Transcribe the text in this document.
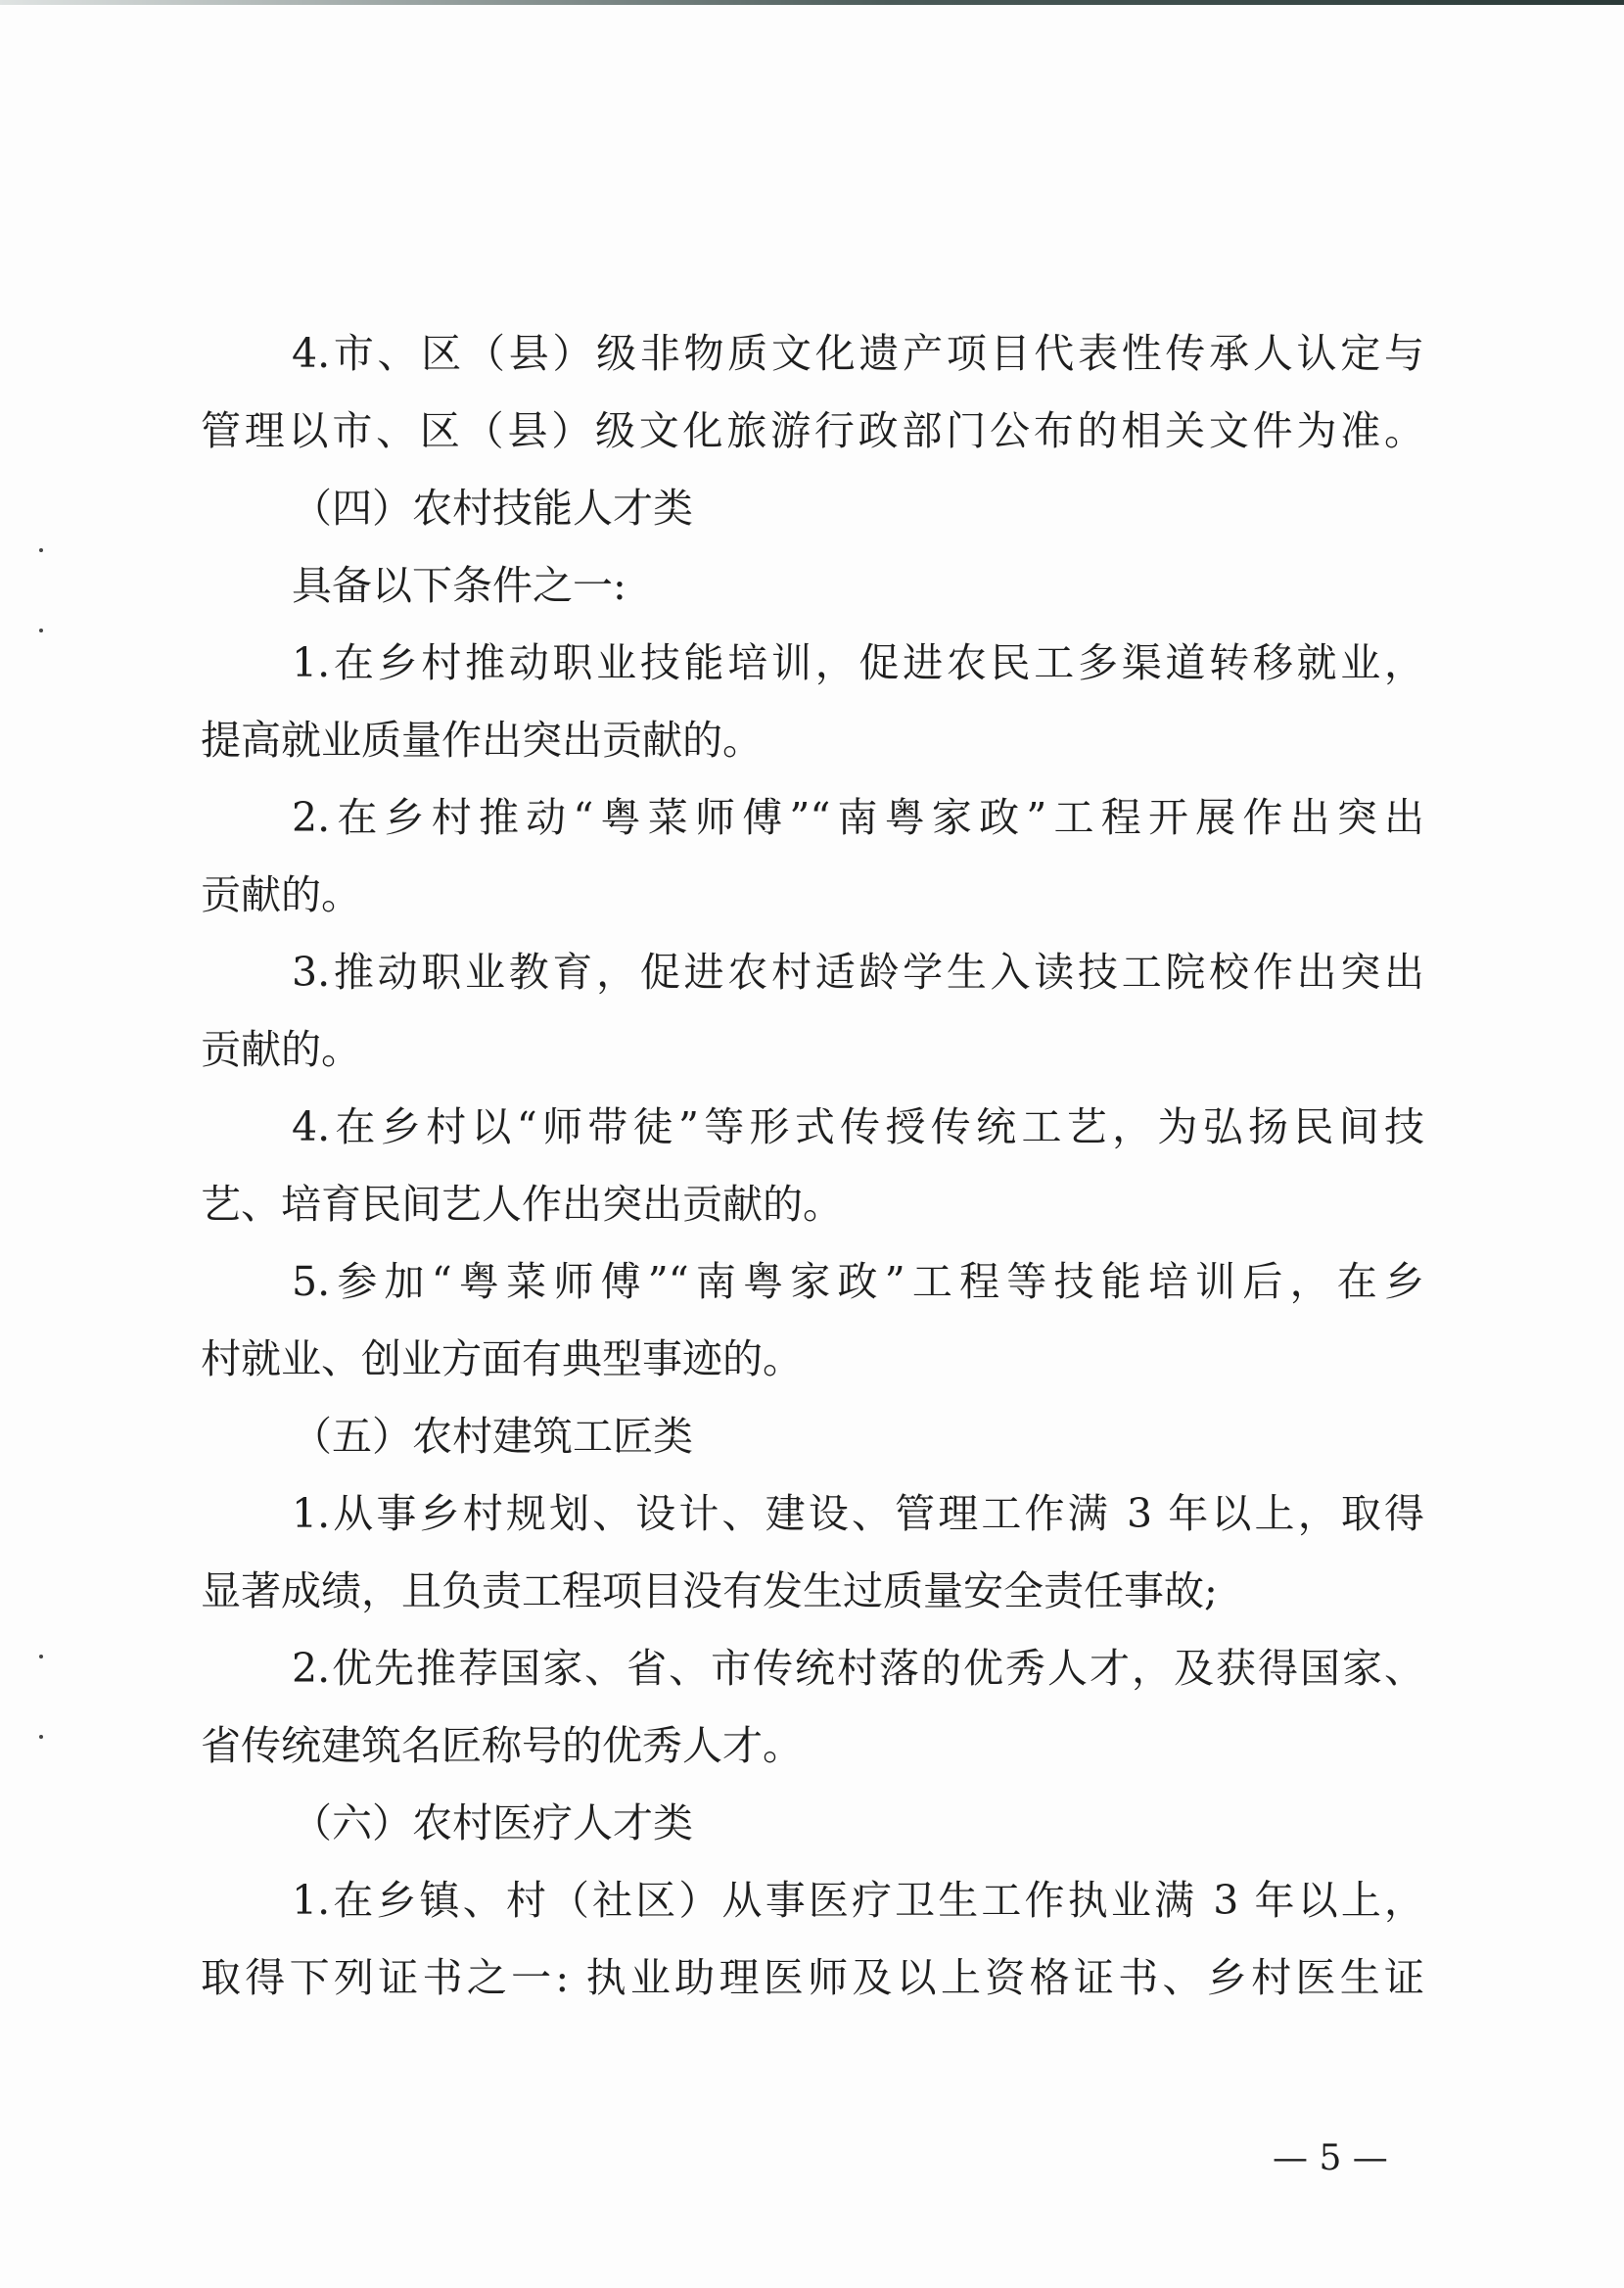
4.市、区（县）级非物质文化遗产项目代表性传承人认定与
管理以市、区（县）级文化旅游行政部门公布的相关文件为准。
（四）农村技能人才类
具备以下条件之一:
1.在乡村推动职业技能培训，促进农民工多渠道转移就业，
提高就业质量作出突出贡献的。
2.在乡村推动“粤菜师傅”“南粤家政”工程开展作出突出
贡献的。
3.推动职业教育，促进农村适龄学生入读技工院校作出突出
贡献的。
4.在乡村以“师带徒”等形式传授传统工艺，为弘扬民间技
艺、培育民间艺人作出突出贡献的。
5.参加“粤菜师傅”“南粤家政”工程等技能培训后，在乡
村就业、创业方面有典型事迹的。
（五）农村建筑工匠类
1.从事乡村规划、设计、建设、管理工作满 3 年以上，取得
显著成绩，且负责工程项目没有发生过质量安全责任事故;
2.优先推荐国家、省、市传统村落的优秀人才，及获得国家、
省传统建筑名匠称号的优秀人才。
（六）农村医疗人才类
1.在乡镇、村（社区）从事医疗卫生工作执业满 3 年以上，
取得下列证书之一: 执业助理医师及以上资格证书、乡村医生证
— 5 —
